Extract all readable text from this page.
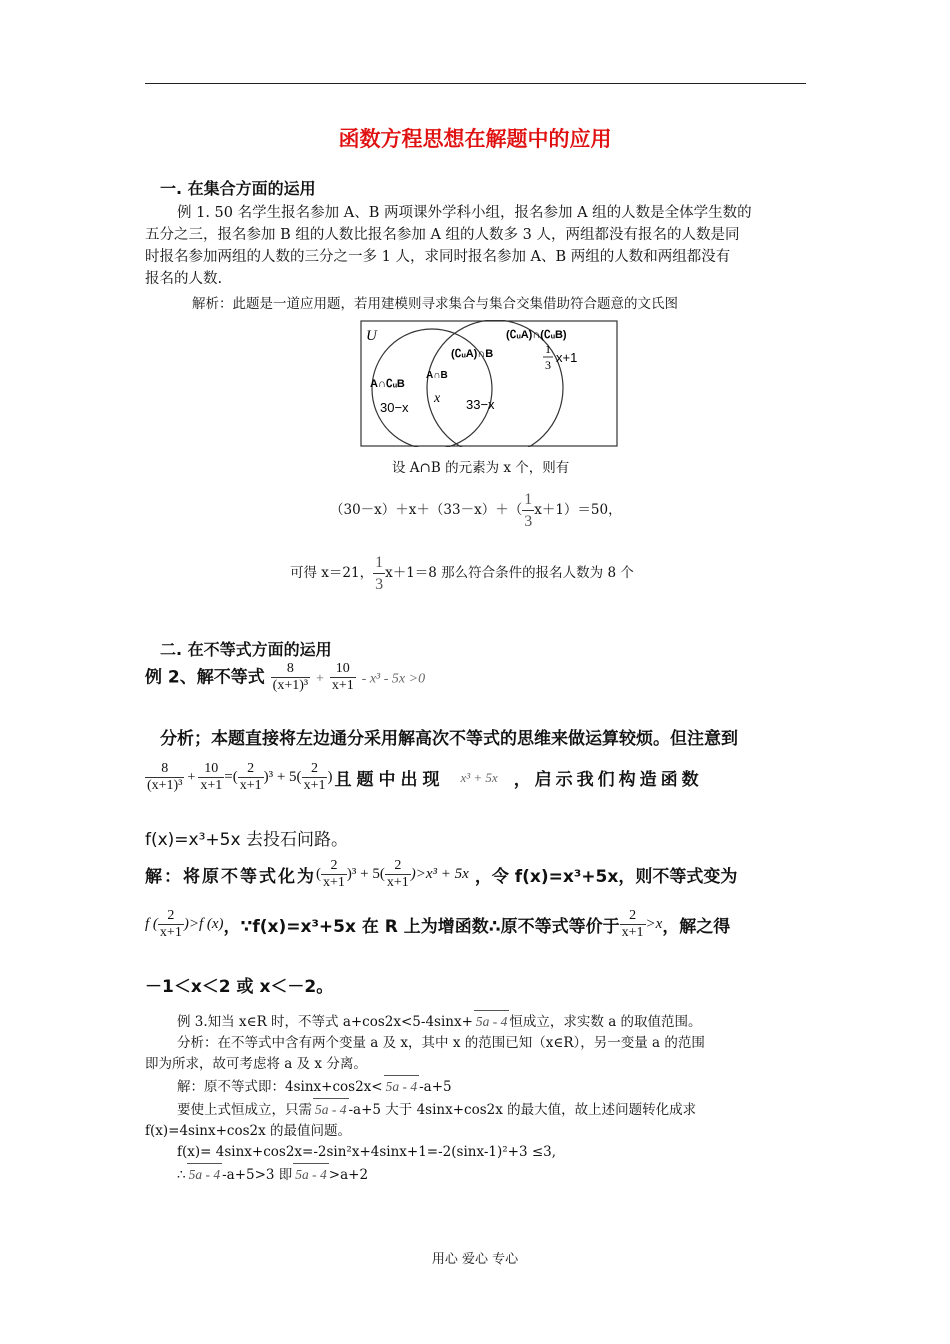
函数方程思想在解题中的应用
一. 在集合方面的运用
例 1. 50 名学生报名参加 A、B 两项课外学科小组，报名参加 A 组的人数是全体学生数的
五分之三，报名参加 B 组的人数比报名参加 A 组的人数多 3 人，两组都没有报名的人数是同
时报名参加两组的人数的三分之一多 1 人，求同时报名参加 A、B 两组的人数和两组都没有
报名的人数.
解析：此题是一道应用题，若用建模则寻求集合与集合交集借助符合题意的文氏图
U	(∁ᵤA)∩(∁ᵤB)
1
3 x+1
(∁ᵤA)∩B
A∩∁ᵤB
30−x
A∩B
x 33−x
设 A∩B 的元素为 x 个，则有
$(30-x)+x+(33-x)+( \frac{1}{3} x+1)=50$，
可得 x＝21， $\frac{1}{3} x+1=8$ 那么符合条件的报名人数为 8 个
二. 在不等式方面的运用
例 2、解不等式 $\frac{8}{\text{(x+1)³}} + \frac{10}{x+1} - x^3 - 5x >0$
分析；本题直接将左边通分采用解高次不等式的思维来做运算较烦。但注意到
$\frac{8}{\text{(x+1)³}} + \frac{10}{x+1}$ =( $\frac{2}{x+1} )^3 + 5( \frac{2}{x+1}$ ) 且题中出现 x³ + 5x ，启示我们构造函数
f(x)=x³+5x 去投石问路。
解：将原不等式化为 ( $\frac{2}{x+1} )^3 + 5( \frac{2}{x+1} )>x^3 + 5x$ ，令 f(x)=x³+5x，则不等式变为
f ( $\frac{2}{x+1} )>f$ (x) ，∵f(x)=x³+5x 在 R 上为增函数∴原不等式等价于 $\frac{2}{x+1} >x$ ，解之得
－1＜x＜2 或 x＜－2。
例 3.知当 x∈R 时，不等式 a+cos2x<5-4sinx+ 5a - 4 恒成立，求实数 a 的取值范围。
分析：在不等式中含有两个变量 a 及 x，其中 x 的范围已知（x∈R），另一变量 a 的范围
即为所求，故可考虑将 a 及 x 分离。
解：原不等式即：4sinx+cos2x< 5a - 4 -a+5
要使上式恒成立，只需 5a - 4 -a+5 大于 4sinx+cos2x 的最大值，故上述问题转化成求
f(x)=4sinx+cos2x 的最值问题。
f(x)= 4sinx+cos2x=-2sin²x+4sinx+1=-2(sinx-1)²+3 ≤3,
∴ 5a - 4 -a+5>3 即 5a - 4 >a+2
用心 爱心 专心
